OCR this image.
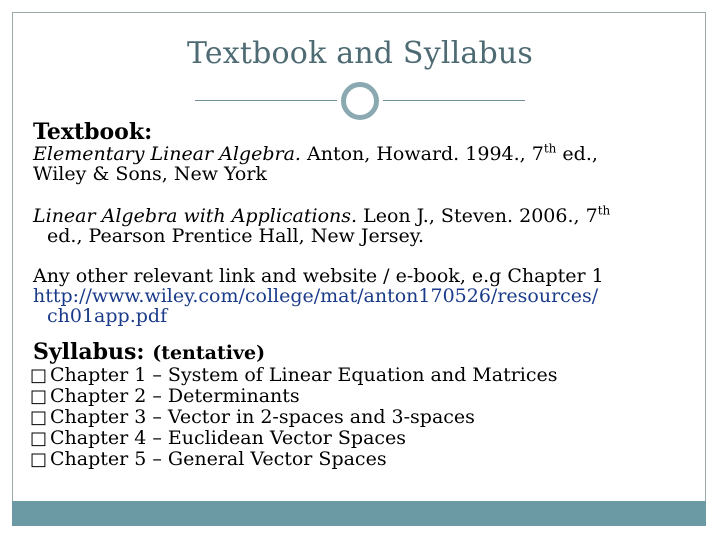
Textbook and Syllabus
Textbook:

Elementary Linear Algebra. Anton, Howard. 1994., 7th ed.,
Wiley & Sons, New York

Linear Algebra with Applications. Leon J., Steven. 2006., 7th
ed., Pearson Prentice Hall, New Jersey.

Any other relevant link and website / e-book, e.g Chapter 1

http://www.wiley.com/college/mat/anton170526/resources/
ch01app.pdf

Syllabus: (tentative)
□ Chapter 1 – System of Linear Equation and Matrices
□ Chapter 2 – Determinants
□ Chapter 3 – Vector in 2-spaces and 3-spaces
□ Chapter 4 – Euclidean Vector Spaces
□ Chapter 5 – General Vector Spaces
